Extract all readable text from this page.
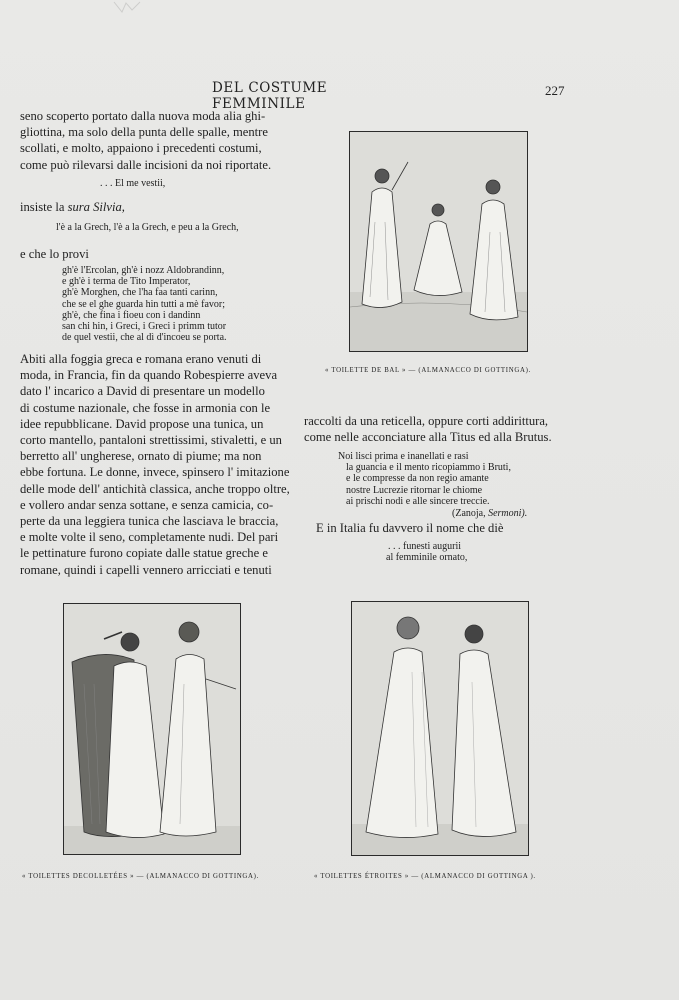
DEL COSTUME FEMMINILE
227
seno scoperto portato dalla nuova moda alia ghi-
gliottina, ma solo della punta delle spalle, mentre
scollati, e molto, appaiono i precedenti costumi,
come può rilevarsi dalle incisioni da noi riportate.
. . . El me vestii,
insiste la sura Silvia,
l'è a la Grech, l'è a la Grech, e peu a la Grech,
e che lo provi
gh'è l'Ercolan, gh'è i nozz Aldobrandinn,
e gh'è i terma de Tito Imperator,
gh'è Morghen, che l'ha faa tanti carinn,
che se el ghe guarda hin tutti a mè favor;
gh'è, che fina i fioeu con i dandinn
san chi hin, i Greci, i Greci i primm tutor
de quel vestii, che al dì d'incoeu se porta.
Abiti alla foggia greca e romana erano venuti di
moda, in Francia, fin da quando Robespierre aveva
dato l' incarico a David di presentare un modello
di costume nazionale, che fosse in armonia con le
idee repubblicane. David propose una tunica, un
corto mantello, pantaloni strettissimi, stivaletti, e un
berretto all' ungherese, ornato di piume; ma non
ebbe fortuna. Le donne, invece, spinsero l' imitazione
delle mode dell' antichità classica, anche troppo oltre,
e vollero andar senza sottane, e senza camicia, co-
perte da una leggiera tunica che lasciava le braccia,
e molte volte il seno, completamente nudi. Del pari
le pettinature furono copiate dalle statue greche e
romane, quindi i capelli vennero arricciati e tenuti
« TOILETTE DE BAL » — (ALMANACCO DI GOTTINGA).
raccolti da una reticella, oppure corti addirittura,
come nelle acconciature alla Titus ed alla Brutus.
Noi lisci prima e inanellati e rasi
la guancia e il mento ricopiammo i Bruti,
e le compresse da non regio amante
nostre Lucrezie ritornar le chiome
ai prischi nodi e alle sincere treccie.
(Zanoja, Sermoni).
E in Italia fu davvero il nome che diè
. . . funesti augurii
al femminile ornato,
« TOILETTES DECOLLETÉES » — (ALMANACCO DI GOTTINGA).	« TOILETTES ÉTROITES » — (ALMANACCO DI GOTTINGA ).
